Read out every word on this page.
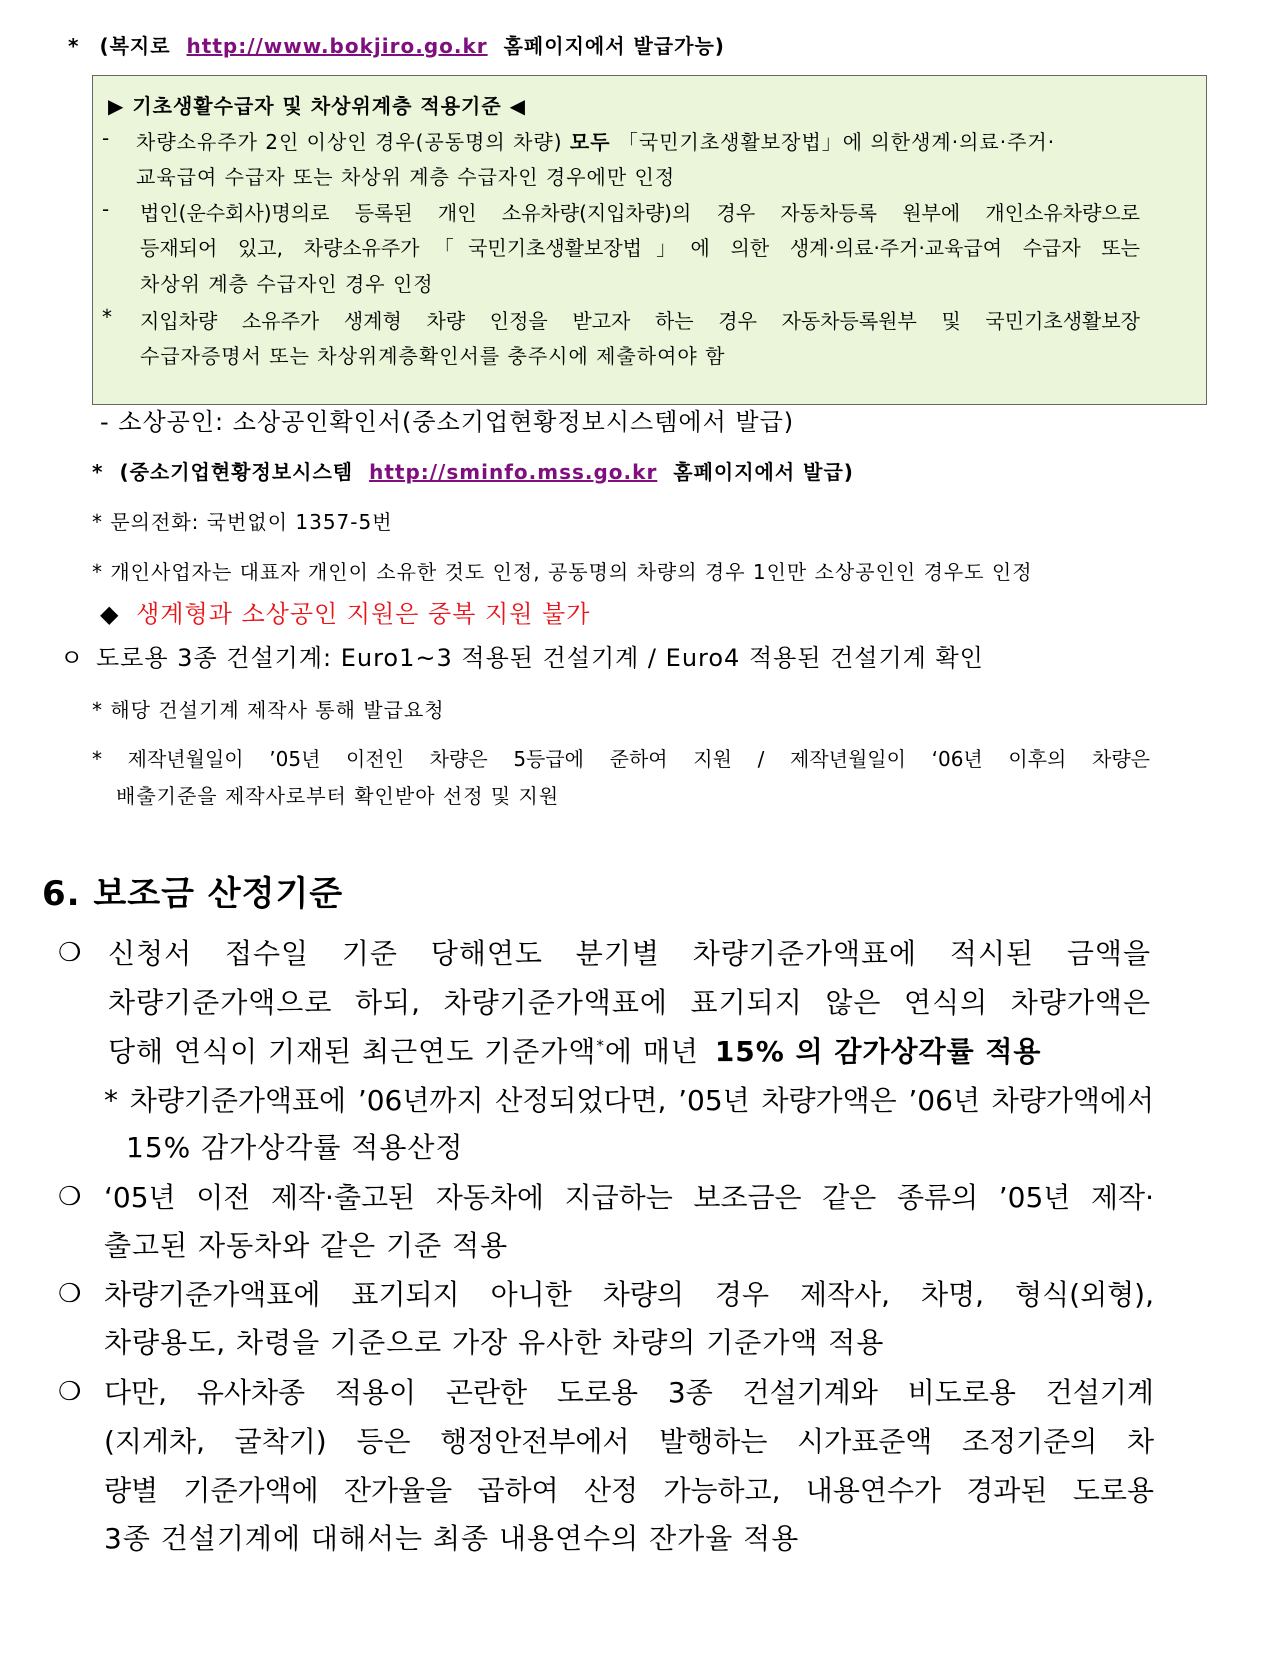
* (복지로 http://www.bokjiro.go.kr 홈페이지에서 발급가능)
▶ 기초생활수급자 및 차상위계층 적용기준 ◀
- 차량소유주가 2인 이상인 경우(공동명의 차량) 모두 「국민기초생활보장법」에 의한생계·의료·주거·
교육급여 수급자 또는 차상위 계층 수급자인 경우에만 인정
- 법인(운수회사)명의로 등록된 개인 소유차량(지입차량)의 경우 자동차등록 원부에 개인소유차량으로
등재되어 있고, 차량소유주가「국민기초생활보장법」에 의한 생계·의료·주거·교육급여 수급자 또는
차상위 계층 수급자인 경우 인정
* 지입차량 소유주가 생계형 차량 인정을 받고자 하는 경우 자동차등록원부 및 국민기초생활보장
수급자증명서 또는 차상위계층확인서를 충주시에 제출하여야 함
- 소상공인: 소상공인확인서(중소기업현황정보시스템에서 발급)
* (중소기업현황정보시스템 http://sminfo.mss.go.kr 홈페이지에서 발급)
* 문의전화: 국번없이 1357-5번
* 개인사업자는 대표자 개인이 소유한 것도 인정, 공동명의 차량의 경우 1인만 소상공인인 경우도 인정
◆ 생계형과 소상공인 지원은 중복 지원 불가
ㅇ 도로용 3종 건설기계: Euro1~3 적용된 건설기계 / Euro4 적용된 건설기계 확인
* 해당 건설기계 제작사 통해 발급요청
* 제작년월일이 ’05년 이전인 차량은 5등급에 준하여 지원 / 제작년월일이 ‘06년 이후의 차량은
배출기준을 제작사로부터 확인받아 선정 및 지원
6. 보조금 산정기준
❍ 신청서 접수일 기준 당해연도 분기별 차량기준가액표에 적시된 금액을
차량기준가액으로 하되, 차량기준가액표에 표기되지 않은 연식의 차량가액은
당해 연식이 기재된 최근연도 기준가액*에 매년 15% 의 감가상각률 적용
* 차량기준가액표에 ’06년까지 산정되었다면, ’05년 차량가액은 ’06년 차량가액에서
15% 감가상각률 적용산정
❍ ‘05년 이전 제작·출고된 자동차에 지급하는 보조금은 같은 종류의 ’05년 제작·
출고된 자동차와 같은 기준 적용
❍ 차량기준가액표에 표기되지 아니한 차량의 경우 제작사, 차명, 형식(외형),
차량용도, 차령을 기준으로 가장 유사한 차량의 기준가액 적용
❍ 다만, 유사차종 적용이 곤란한 도로용 3종 건설기계와 비도로용 건설기계
(지게차, 굴착기) 등은 행정안전부에서 발행하는 시가표준액 조정기준의 차
량별 기준가액에 잔가율을 곱하여 산정 가능하고, 내용연수가 경과된 도로용
3종 건설기계에 대해서는 최종 내용연수의 잔가율 적용
